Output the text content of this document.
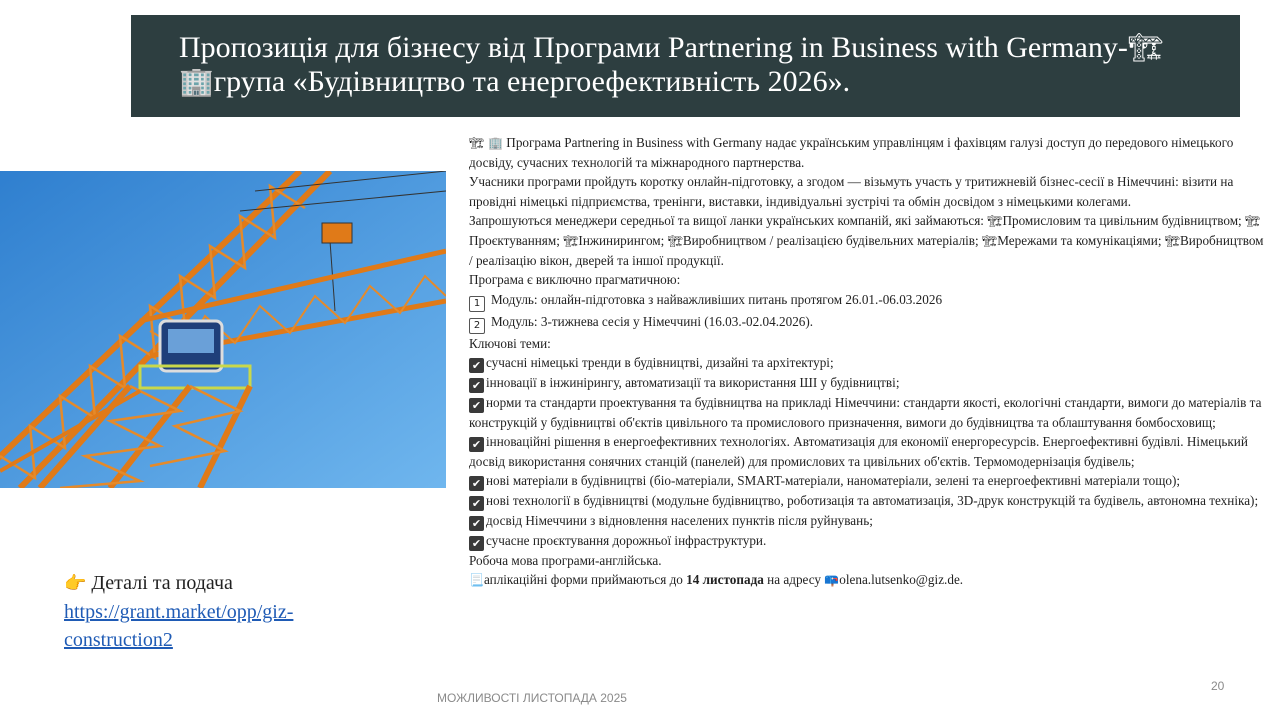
Пропозиція для бізнесу від Програми Partnering in Business with Germany-🏗
🏢група «Будівництво та енергоефективність 2026».
👉 Деталі та подача
https://grant.market/opp/giz-construction2

🏗 🏢 Програма Partnering in Business with Germany надає українським управлінцям і фахівцям галузі доступ до передового німецького досвіду, сучасних технологій та міжнародного партнерства.

Учасники програми пройдуть коротку онлайн-підготовку, а згодом — візьмуть участь у тритижневій бізнес-сесії в Німеччині: візити на провідні німецькі підприємства, тренінги, виставки, індивідуальні зустрічі та обмін досвідом з німецькими колегами.

Запрошуються менеджери середньої та вищої ланки українських компаній, які займаються: 🏗Промисловим та цивільним будівництвом; 🏗Проєктуванням; 🏗Інжинирингом; 🏗Виробництвом / реалізацією будівельних матеріалів; 🏗Мережами та комунікаціями; 🏗Виробництвом / реалізацію вікон, дверей та іншої продукції.

Програма є виключно прагматичною:

1 Модуль: онлайн-підготовка з найважливіших питань протягом 26.01.-06.03.2026

2 Модуль: 3-тижнева сесія у Німеччині (16.03.-02.04.2026).

Ключові теми:

✔ сучасні німецькі тренди в будівництві, дизайні та архітектурі;

✔ інновації в інжинірингу, автоматизації та використання ШІ у будівництві;

✔ норми та стандарти проектування та будівництва на прикладі Німеччини: стандарти якості, екологічні стандарти, вимоги до матеріалів та конструкцій у будівництві об'єктів цивільного та промислового призначення, вимоги до будівництва та облаштування бомбосховищ;

✔ інноваційні рішення в енергоефективних технологіях. Автоматизація для економії енергоресурсів. Енергоефективні будівлі. Німецький досвід використання сонячних станцій (панелей) для промислових та цивільних об'єктів. Термомодернізація будівель;

✔ нові матеріали в будівництві (біо-матеріали, SMART-матеріали, наноматеріали, зелені та енергоефективні матеріали тощо);

✔ нові технології в будівництві (модульне будівництво, роботизація та автоматизація, 3D-друк конструкцій та будівель, автономна техніка);

✔ досвід Німеччини з відновлення населених пунктів після руйнувань;

✔ сучасне проєктування дорожньої інфраструктури.

Робоча мова програми-англійська.

📃аплікаційні форми приймаються до 14 листопада на адресу 📪olena.lutsenko@giz.de.

МОЖЛИВОСТІ ЛИСТОПАДА 2025
20
